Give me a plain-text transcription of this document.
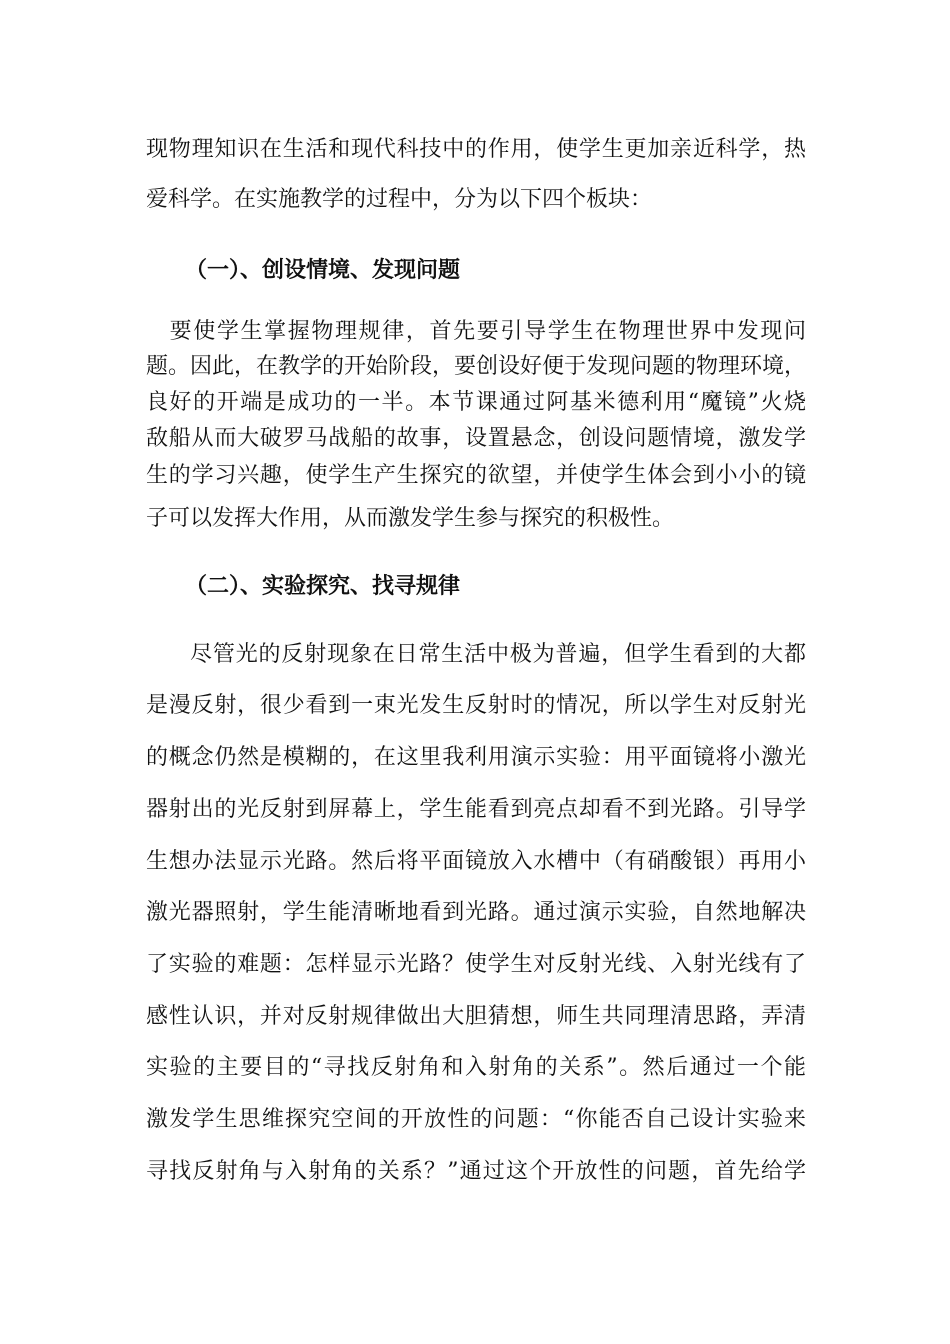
现物理知识在生活和现代科技中的作用，使学生更加亲近科学，热
爱科学。在实施教学的过程中，分为以下四个板块：
（一）、创设情境、发现问题
　要使学生掌握物理规律，首先要引导学生在物理世界中发现问
题。因此，在教学的开始阶段，要创设好便于发现问题的物理环境，
良好的开端是成功的一半。本节课通过阿基米德利用“魔镜”火烧
敌船从而大破罗马战船的故事，设置悬念，创设问题情境，激发学
生的学习兴趣，使学生产生探究的欲望，并使学生体会到小小的镜
子可以发挥大作用，从而激发学生参与探究的积极性。
（二）、实验探究、找寻规律
尽管光的反射现象在日常生活中极为普遍，但学生看到的大都
是漫反射，很少看到一束光发生反射时的情况，所以学生对反射光
的概念仍然是模糊的，在这里我利用演示实验：用平面镜将小激光
器射出的光反射到屏幕上，学生能看到亮点却看不到光路。引导学
生想办法显示光路。然后将平面镜放入水槽中（有硝酸银）再用小
激光器照射，学生能清晰地看到光路。通过演示实验，自然地解决
了实验的难题：怎样显示光路？使学生对反射光线、入射光线有了
感性认识，并对反射规律做出大胆猜想，师生共同理清思路，弄清
实验的主要目的“寻找反射角和入射角的关系”。然后通过一个能
激发学生思维探究空间的开放性的问题：“你能否自己设计实验来
寻找反射角与入射角的关系？”通过这个开放性的问题，首先给学
